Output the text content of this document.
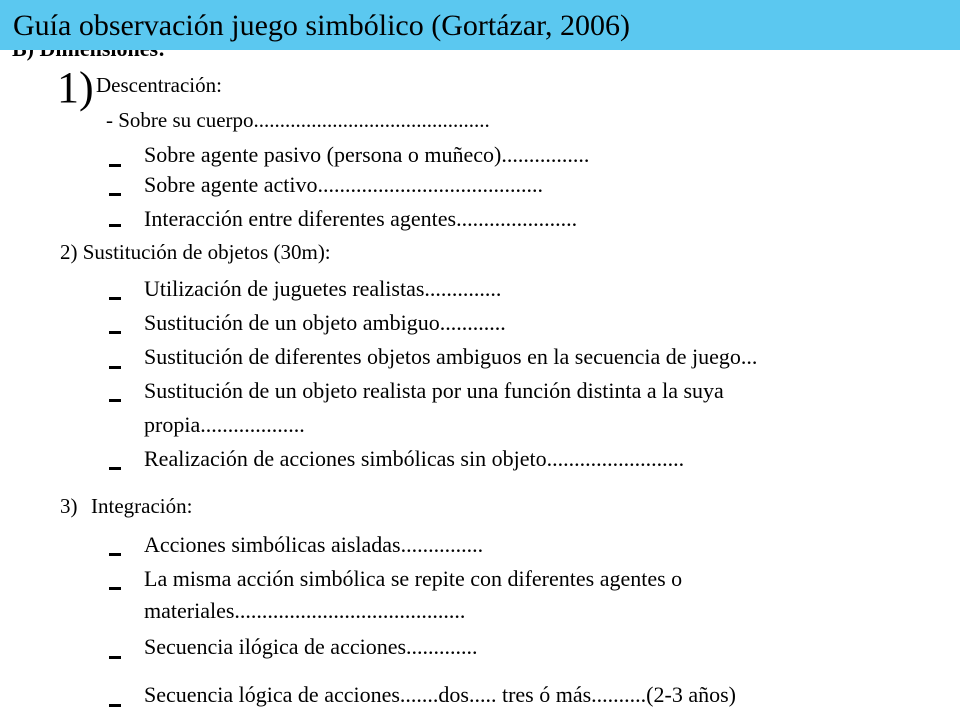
Guía observación juego simbólico (Gortázar, 2006)
1) Descentración:
- Sobre su cuerpo.............................................
Sobre agente pasivo (persona o muñeco)................
Sobre agente activo.........................................
Interacción entre diferentes agentes......................
2) Sustitución de objetos (30m):
Utilización de juguetes realistas..............
Sustitución de un objeto ambiguo............
Sustitución de diferentes objetos ambiguos en la secuencia de juego...
Sustitución de un objeto realista por una función distinta a la suya
propia...................
Realización de acciones simbólicas sin objeto.........................
3) Integración:
Acciones simbólicas aisladas...............
La misma acción simbólica se repite con diferentes agentes o
materiales..........................................
Secuencia ilógica de acciones.............
Secuencia lógica de acciones.......dos..... tres ó más..........(2-3 años)
